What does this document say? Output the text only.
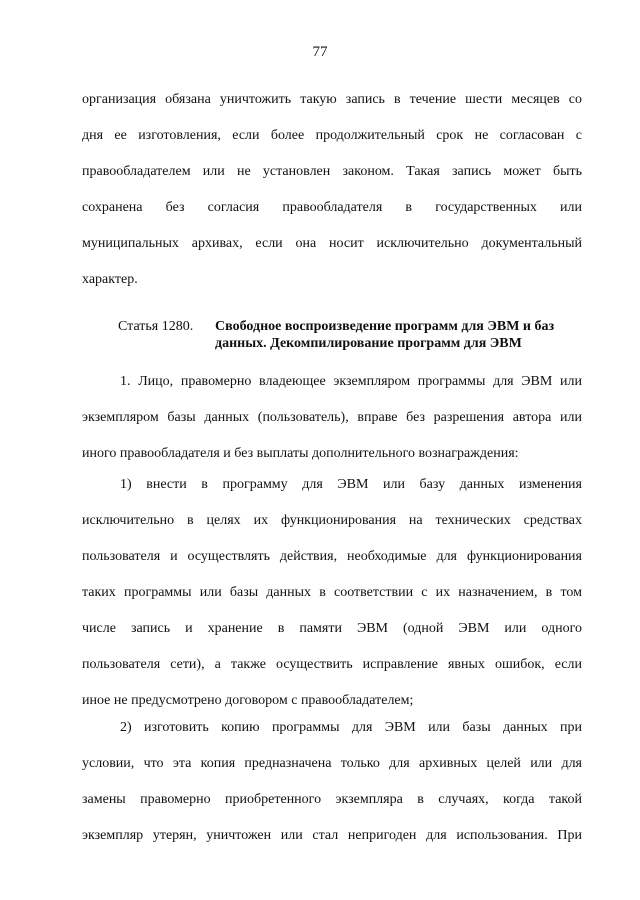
77
организация обязана уничтожить такую запись в течение шести месяцев со
дня ее изготовления, если более продолжительный срок не согласован с
правообладателем или не установлен законом. Такая запись может быть
сохранена без согласия правообладателя в государственных или
муниципальных архивах, если она носит исключительно документальный
характер.
Статья 1280. Свободное воспроизведение программ для ЭВМ и баз
данных. Декомпилирование программ для ЭВМ
1. Лицо, правомерно владеющее экземпляром программы для ЭВМ или
экземпляром базы данных (пользователь), вправе без разрешения автора или
иного правообладателя и без выплаты дополнительного вознаграждения:
1) внести в программу для ЭВМ или базу данных изменения
исключительно в целях их функционирования на технических средствах
пользователя и осуществлять действия, необходимые для функционирования
таких программы или базы данных в соответствии с их назначением, в том
числе запись и хранение в памяти ЭВМ (одной ЭВМ или одного
пользователя сети), а также осуществить исправление явных ошибок, если
иное не предусмотрено договором с правообладателем;
2) изготовить копию программы для ЭВМ или базы данных при
условии, что эта копия предназначена только для архивных целей или для
замены правомерно приобретенного экземпляра в случаях, когда такой
экземпляр утерян, уничтожен или стал непригоден для использования. При
